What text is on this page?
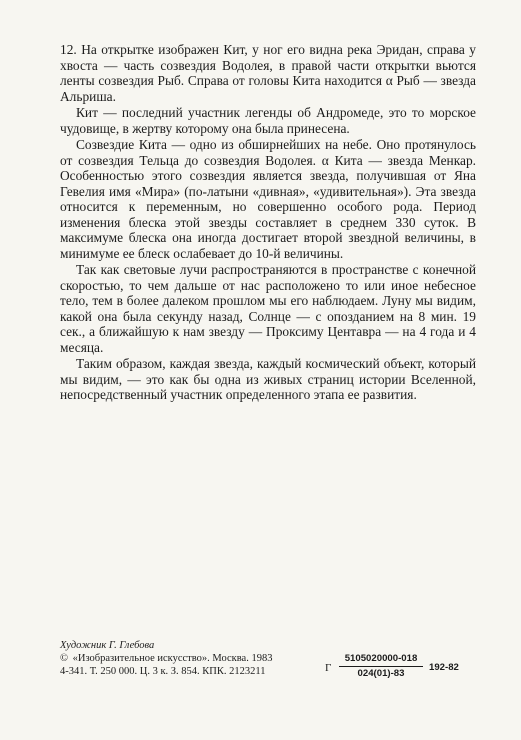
12. На открытке изображен Кит, у ног его видна река Эридан, справа у хвоста — часть созвездия Водолея, в правой части открытки вьются ленты созвездия Рыб. Справа от головы Кита находится α Рыб — звезда Альриша.

Кит — последний участник легенды об Андромеде, это то морское чудовище, в жертву которому она была принесена.

Созвездие Кита — одно из обширнейших на небе. Оно протянулось от созвездия Тельца до созвездия Водолея. α Кита — звезда Менкар. Особенностью этого созвездия является звезда, получившая от Яна Гевелия имя «Мира» (по-латыни «дивная», «удивительная»). Эта звезда относится к переменным, но совершенно особого рода. Период изменения блеска этой звезды составляет в среднем 330 суток. В максимуме блеска она иногда достигает второй звездной величины, в минимуме ее блеск ослабевает до 10-й величины.

Так как световые лучи распространяются в пространстве с конечной скоростью, то чем дальше от нас расположено то или иное небесное тело, тем в более далеком прошлом мы его наблюдаем. Луну мы видим, какой она была секунду назад, Солнце — с опозданием на 8 мин. 19 сек., а ближайшую к нам звезду — Проксиму Центавра — на 4 года и 4 месяца.

Таким образом, каждая звезда, каждый космический объект, который мы видим, — это как бы одна из живых страниц истории Вселенной, непосредственный участник определенного этапа ее развития.

Художник Г. Глебова
© «Изобразительное искусство». Москва. 1983
4-341. Т. 250 000. Ц. 3 к. З. 854. КПК. 2123211	Г $\frac{5105020000-018}{024(01)-83} 192-82$
